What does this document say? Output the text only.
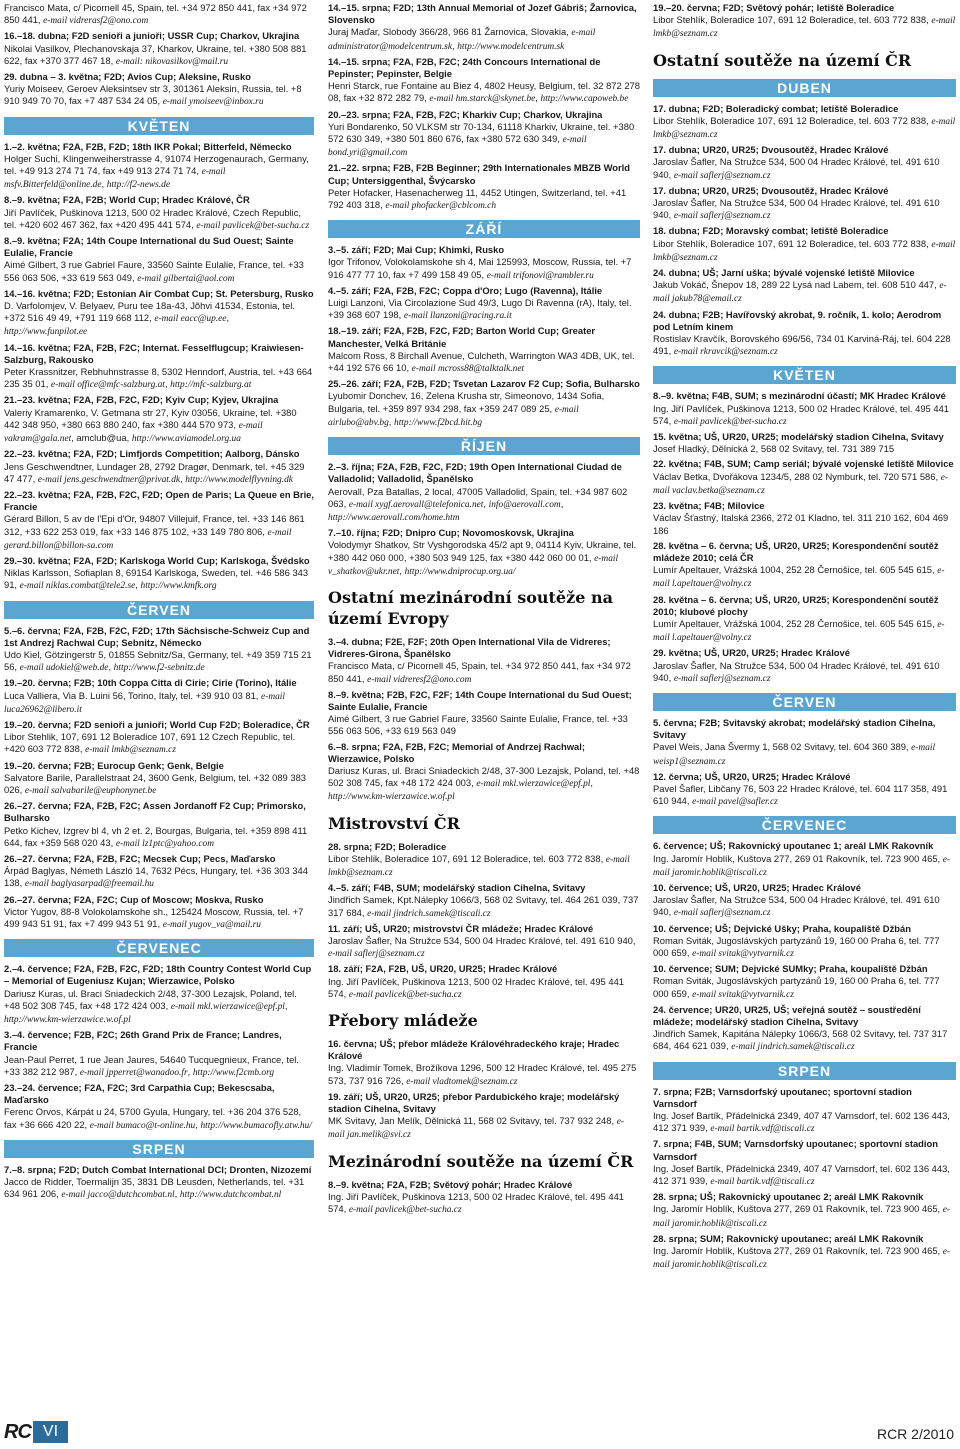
Francisco Mata, c/ Picornell 45, Spain, tel. +34 972 850 441, fax +34 972 850 441, e-mail vidrerasf2@ono.com
16.–18. dubna; F2D senioři a junioři; USSR Cup; Charkov, Ukrajina
Nikolai Vasilkov, Plechanovskaja 37, Kharkov, Ukraine, tel. +380 508 881 622, fax +370 377 467 18, e-mail: nikovasilkov@mail.ru
29. dubna – 3. května; F2D; Avios Cup; Aleksine, Rusko
Yuriy Moiseev, Geroev Aleksintsev str 3, 301361 Aleksin, Russia, tel. +8 910 949 70 70, fax +7 487 534 24 05, e-mail ymoiseev@inbox.ru
KVĚTEN
1.–2. května; F2A, F2B, F2D; 18th IKR Pokal; Bitterfeld, Německo
Holger Suchi, Klingenweiherstrasse 4, 91074 Herzogenaurach, Germany, tel. +49 913 274 71 74, fax +49 913 274 71 74, e-mail msfv.Bitterfeld@online.de, http://f2-news.de
8.–9. května; F2A, F2B; World Cup; Hradec Králové, ČR
Jiří Pavlíček, Puškinova 1213, 500 02 Hradec Králové, Czech Republic, tel. +420 602 467 362, fax +420 495 441 574, e-mail pavlicek@bet-sucha.cz
8.–9. května; F2A; 14th Coupe International du Sud Ouest; Sainte Eulalie, Francie
Aimé Gilbert, 3 rue Gabriel Faure, 33560 Sainte Eulalie, France, tel. +33 556 063 506, +33 619 563 049, e-mail gilbertai@aol.com
14.–16. května; F2D; Estonian Air Combat Cup; St. Petersburg, Rusko
D. Varfolomjev, V. Belyaev, Puru tee 18a-43, Jõhvi 41534, Estonia, tel. +372 516 49 49, +791 119 668 112, e-mail eacc@up.ee, http://www.funpilot.ee
14.–16. května; F2A, F2B, F2C; Internat. Fesselflugcup; Kraiwiesen-Salzburg, Rakousko
Peter Krassnitzer, Rebhuhnstrasse 8, 5302 Henndorf, Austria, tel. +43 664 235 35 01, e-mail office@mfc-salzburg.at, http://mfc-salzburg.at
21.–23. května; F2A, F2B, F2C, F2D; Kyiv Cup; Kyjev, Ukrajina
Valeriy Kramarenko, V. Getmana str 27, Kyiv 03056, Ukraine, tel. +380 442 348 950, +380 663 880 240, fax +380 444 570 973, e-mail vakram@gala.net, amclub@ua, http://www.aviamodel.org.ua
22.–23. května; F2A, F2D; Limfjords Competition; Aalborg, Dánsko
Jens Geschwendtner, Lundager 28, 2792 Dragør, Denmark, tel. +45 329 47 477, e-mail jens.geschwendtner@privat.dk, http://www.modelflyvning.dk
22.–23. května; F2A, F2B, F2C, F2D; Open de Paris; La Queue en Brie, Francie
Gérard Billon, 5 av de l'Epi d'Or, 94807 Villejuif, France, tel. +33 146 861 312, +33 622 253 019, fax +33 146 875 102, +33 149 780 806, e-mail gerard.billon@billon-sa.com
29.–30. května; F2A, F2D; Karlskoga World Cup; Karlskoga, Švédsko
Niklas Karlsson, Sofiaplan 8, 69154 Karlskoga, Sweden, tel. +46 586 343 91, e-mail niklas.combat@tele2.se, http://www.kmfk.org
ČERVEN
5.–6. června; F2A, F2B, F2C, F2D; 17th Sächsische-Schweiz Cup and 1st Andrezj Rachwal Cup; Sebnitz, Německo
Udo Kiel, Götzingerstr 5, 01855 Sebnitz/Sa, Germany, tel. +49 359 715 21 56, e-mail udokiel@web.de, http://www.f2-sebnitz.de
19.–20. června; F2B; 10th Coppa Citta di Cirie; Cirie (Torino), Itálie
Luca Valliera, Via B. Luini 56, Torino, Italy, tel. +39 910 03 81, e-mail luca26962@libero.it
19.–20. června; F2D senioři a junioři; World Cup F2D; Boleradice, ČR
Libor Stehlik, 107, 691 12 Boleradice 107, 691 12 Czech Republic, tel. +420 603 772 838, e-mail lmkb@seznam.cz
19.–20. června; F2B; Eurocup Genk; Genk, Belgie
Salvatore Barile, Parallelstraat 24, 3600 Genk, Belgium, tel. +32 089 383 026, e-mail salvabarile@euphonynet.be
26.–27. června; F2A, F2B, F2C; Assen Jordanoff F2 Cup; Primorsko, Bulharsko
Petko Kichev, Izgrev bl 4, vh 2 et. 2, Bourgas, Bulgaria, tel. +359 898 411 644, fax +359 568 020 43, e-mail lz1ptc@yahoo.com
26.–27. června; F2A, F2B, F2C; Mecsek Cup; Pecs, Maďarsko
Árpád Baglyas, Németh László 14, 7632 Pécs, Hungary, tel. +36 303 344 138, e-mail baglyasarpad@freemail.hu
26.–27. června; F2A, F2C; Cup of Moscow; Moskva, Rusko
Victor Yugov, 88-8 Volokolamskohe sh., 125424 Moscow, Russia, tel. +7 499 943 51 91, fax +7 499 943 51 91, e-mail yugov_va@mail.ru
ČERVENEC
2.–4. července; F2A, F2B, F2C, F2D; 18th Country Contest World Cup – Memorial of Eugeniusz Kujan; Wierzawice, Polsko
Dariusz Kuras, ul. Braci Sniadeckich 2/48, 37-300 Lezajsk, Poland, tel. +48 502 308 745, fax +48 172 424 003, e-mail mkl.wierzawice@epf.pl, http://www.km-wierzawice.w.of.pl
3.–4. července; F2B, F2C; 26th Grand Prix de France; Landres, Francie
Jean-Paul Perret, 1 rue Jean Jaures, 54640 Tucquegnieux, France, tel. +33 382 212 987, e-mail jpperret@wanadoo.fr, http://www.f2cmb.org
23.–24. července; F2A, F2C; 3rd Carpathia Cup; Bekescsaba, Maďarsko
Ferenc Orvos, Kárpát u 24, 5700 Gyula, Hungary, tel. +36 204 376 528, fax +36 666 420 22, e-mail bumaco@t-online.hu, http://www.bumacofly.atw.hu/
SRPEN
7.–8. srpna; F2D; Dutch Combat International DCI; Dronten, Nizozemí
Jacco de Ridder, Toermalijn 35, 3831 DB Leusden, Netherlands, tel. +31 634 961 206, e-mail jacco@dutchcombat.nl, http://www.dutchcombat.nl
14.–15. srpna; F2D; 13th Annual Memorial of Jozef Gábriš; Žarnovica, Slovensko
Juraj Maďar, Slobody 366/28, 966 81 Žarnovica, Slovakia, e-mail administrator@modelcentrum.sk, http://www.modelcentrum.sk
14.–15. srpna; F2A, F2B, F2C; 24th Concours International de Pepinster; Pepinster, Belgie
Henri Starck, rue Fontaine au Biez 4, 4802 Heusy, Belgium, tel. 32 872 278 08, fax +32 872 282 79, e-mail hm.starck@skynet.be, http://www.capoweb.be
20.–23. srpna; F2A, F2B, F2C; Kharkiv Cup; Charkov, Ukrajina
Yuri Bondarenko, 50 VLKSM str 70-134, 61118 Kharkiv, Ukraine, tel. +380 572 630 349, +380 501 860 676, fax +380 572 630 349, e-mail bond.yri@gmail.com
21.–22. srpna; F2B, F2B Beginner; 29th Internationales MBZB World Cup; Untersiggenthal, Švýcarsko
Peter Hofacker, Hasenacherweg 11, 4452 Utingen, Switzerland, tel. +41 792 403 318, e-mail phofacker@cblcom.ch
ZÁŘÍ
3.–5. září; F2D; Mai Cup; Khimki, Rusko
Igor Trifonov, Volokolamskohe sh 4, Mai 125993, Moscow, Russia, tel. +7 916 477 77 10, fax +7 499 158 49 05, e-mail trifonovi@rambler.ru
4.–5. září; F2A, F2B, F2C; Coppa d'Oro; Lugo (Ravenna), Itálie
Luigi Lanzoni, Via Circolazione Sud 49/3, Lugo Di Ravenna (rA), Italy, tel. +39 368 607 198, e-mail llanzoni@racing.ra.it
18.–19. září; F2A, F2B, F2C, F2D; Barton World Cup; Greater Manchester, Velká Británie
Malcom Ross, 8 Birchall Avenue, Culcheth, Warrington WA3 4DB, UK, tel. +44 192 576 66 10, e-mail mcross88@talktalk.net
25.–26. září; F2A, F2B, F2D; Tsvetan Lazarov F2 Cup; Sofia, Bulharsko
Lyubomir Donchev, 16, Zelena Krusha str, Simeonovo, 1434 Sofia, Bulgaria, tel. +359 897 934 298, fax +359 247 089 25, e-mail airlubo@abv.bg, http://www.f2bcd.hit.bg
ŘÍJEN
2.–3. října; F2A, F2B, F2C, F2D; 19th Open International Ciudad de Valladolid; Valladolid, Španělsko
Aerovall, Pza Batallas, 2 local, 47005 Valladolid, Spain, tel. +34 987 602 063, e-mail xygf.aerovall@telefonica.net, info@aerovall.com, http://www.aerovall.com/home.htm
7.–10. října; F2D; Dnipro Cup; Novomoskovsk, Ukrajina
Volodymyr Shatkov, Str Vyshgorodska 45/2 apt 9, 04114 Kyiv, Ukraine, tel. +380 442 060 000, +380 503 949 125, fax +380 442 060 00 01, e-mail v_shatkov@ukr.net, http://www.dniprocup.org.ua/
Ostatní mezinárodní soutěže na území Evropy
3.–4. dubna; F2E, F2F; 20th Open International Vila de Vidreres; Vidreres-Girona, Španělsko
Francisco Mata, c/ Picornell 45, Spain, tel. +34 972 850 441, fax +34 972 850 441, e-mail vidreresf2@ono.com
8.–9. května; F2B, F2C, F2F; 14th Coupe International du Sud Ouest; Sainte Eulalie, Francie
Aimé Gilbert, 3 rue Gabriel Faure, 33560 Sainte Eulalie, France, tel. +33 556 063 506, +33 619 563 049
6.–8. srpna; F2A, F2B, F2C; Memorial of Andrzej Rachwal; Wierzawice, Polsko
Dariusz Kuras, ul. Braci Sniadeckich 2/48, 37-300 Lezajsk, Poland, tel. +48 502 308 745, fax +48 172 424 003, e-mail mkl.wierzawice@epf.pl, http://www.km-wierzawice.w.of.pl
Mistrovství ČR
28. srpna; F2D; Boleradice
Libor Stehlik, Boleradice 107, 691 12 Boleradice, tel. 603 772 838, e-mail lmkb@seznam.cz
4.–5. září; F4B, SUM; modelářský stadion Cihelna, Svitavy
Jindřich Samek, Kpt.Nálepky 1066/3, 568 02 Svitavy, tel. 464 261 039, 737 317 684, e-mail jindrich.samek@tiscali.cz
11. září; UŠ, UR20; mistrovství ČR mládeže; Hradec Králové
Jaroslav Šafler, Na Stružce 534, 500 04 Hradec Králové, tel. 491 610 940, e-mail saflerj@seznam.cz
18. září; F2A, F2B, UŠ, UR20, UR25; Hradec Králové
Ing. Jiří Pavlíček, Puškinova 1213, 500 02 Hradec Králové, tel. 495 441 574, e-mail pavlicek@bet-sucha.cz
Přebory mládeže
16. června; UŠ; přebor mládeže Královéhradeckého kraje; Hradec Králové
Ing. Vladimír Tomek, Brožíkova 1296, 500 12 Hradec Králové, tel. 495 275 573, 737 916 726, e-mail vladtomek@seznam.cz
19. září; UŠ, UR20, UR25; přebor Pardubického kraje; modelářský stadion Cihelna, Svitavy
MK Svitavy, Jan Melík, Dělnická 11, 568 02 Svitavy, tel. 737 932 248, e-mail jan.melik@svi.cz
Mezinárodní soutěže na území ČR
8.–9. května; F2A, F2B; Světový pohár; Hradec Králové
Ing. Jiří Pavlíček, Puškinova 1213, 500 02 Hradec Králové, tel. 495 441 574, e-mail pavlicek@bet-sucha.cz
19.–20. června; F2D; Světový pohár; letiště Boleradice
Libor Stehlík, Boleradice 107, 691 12 Boleradice, tel. 603 772 838, e-mail lmkb@seznam.cz
Ostatní soutěže na území ČR
DUBEN
17. dubna; F2D; Boleradický combat; letiště Boleradice
Libor Stehlík, Boleradice 107, 691 12 Boleradice, tel. 603 772 838, e-mail lmkb@seznam.cz
17. dubna; UR20, UR25; Dvousoutěž, Hradec Králové
Jaroslav Šafler, Na Stružce 534, 500 04 Hradec Králové, tel. 491 610 940, e-mail saflerj@seznam.cz
17. dubna; UR20, UR25; Dvousoutěž, Hradec Králové
Jaroslav Šafler, Na Stružce 534, 500 04 Hradec Králové, tel. 491 610 940, e-mail saflerj@seznam.cz
18. dubna; F2D; Moravský combat; letiště Boleradice
Libor Stehlík, Boleradice 107, 691 12 Boleradice, tel. 603 772 838, e-mail lmkb@seznam.cz
24. dubna; UŠ; Jarní uška; bývalé vojenské letiště Milovice
Jakub Vokáč, Šnepov 18, 289 22 Lysá nad Labem, tel. 608 510 447, e-mail jakub78@email.cz
24. dubna; F2B; Havířovský akrobat, 9. ročník, 1. kolo; Aerodrom pod Letním kinem
Rostislav Kravčík, Borovského 696/56, 734 01 Karviná-Ráj, tel. 604 228 491, e-mail rkravcik@seznam.cz
KVĚTEN
8.–9. května; F4B, SUM; s mezinárodní účastí; MK Hradec Králové
Ing. Jiří Pavlíček, Puškinova 1213, 500 02 Hradec Králové, tel. 495 441 574, e-mail pavlicek@bet-sucha.cz
15. května; UŠ, UR20, UR25; modelářský stadion Cihelna, Svitavy
Josef Hladký, Dělnická 2, 568 02 Svitavy, tel. 731 389 715
22. května; F4B, SUM; Camp seriál; bývalé vojenské letiště Milovice
Václav Betka, Dvořákova 1234/5, 288 02 Nymburk, tel. 720 571 586, e-mail vaclav.betka@seznam.cz
23. května; F4B; Milovice
Václav Šťastný, Italská 2366, 272 01 Kladno, tel. 311 210 162, 604 469 186
28. května – 6. června; UŠ, UR20, UR25; Korespondenční soutěž mládeže 2010; celá ČR
Lumír Apeltauer, Vrážská 1004, 252 28 Černošice, tel. 605 545 615, e-mail l.apeltauer@volny.cz
28. května – 6. června; UŠ, UR20, UR25; Korespondenční soutěž 2010; klubové plochy
Lumír Apeltauer, Vrážská 1004, 252 28 Černošice, tel. 605 545 615, e-mail l.apeltauer@volny.cz
29. května; UŠ, UR20, UR25; Hradec Králové
Jaroslav Šafler, Na Stružce 534, 500 04 Hradec Králové, tel. 491 610 940, e-mail saflerj@seznam.cz
ČERVEN
5. června; F2B; Svitavský akrobat; modelářský stadion Cihelna, Svitavy
Pavel Weis, Jana Švermy 1, 568 02 Svitavy, tel. 604 360 389, e-mail weisp1@seznam.cz
12. června; UŠ, UR20, UR25; Hradec Králové
Pavel Šafler, Libčany 76, 503 22 Hradec Králové, tel. 604 117 358, 491 610 944, e-mail pavel@safler.cz
ČERVENEC
6. července; UŠ; Rakovnický upoutanec 1; areál LMK Rakovník
Ing. Jaromír Hoblík, Kuštova 277, 269 01 Rakovník, tel. 723 900 465, e-mail jaromir.hoblik@tiscali.cz
10. července; UŠ, UR20, UR25; Hradec Králové
Jaroslav Šafler, Na Stružce 534, 500 04 Hradec Králové, tel. 491 610 940, e-mail saflerj@seznam.cz
10. července; UŠ; Dejvické Ušky; Praha, koupaliště Džbán
Roman Sviták, Jugoslávských partyzánů 19, 160 00 Praha 6, tel. 777 000 659, e-mail svitak@vytvarnik.cz
10. července; SUM; Dejvické SUMky; Praha, koupaliště Džbán
Roman Sviták, Jugoslávských partyzánů 19, 160 00 Praha 6, tel. 777 000 659, e-mail svitak@vytvarnik.cz
24. července; UR20, UR25, UŠ; veřejná soutěž – soustředění mládeže; modelářský stadion Cihelna, Svitavy
Jindřich Samek, Kapitána Nálepky 1066/3, 568 02 Svitavy, tel. 737 317 684, 464 621 039, e-mail jindrich.samek@tiscali.cz
SRPEN
7. srpna; F2B; Varnsdorfský upoutanec; sportovní stadion Varnsdorf
Ing. Josef Bartík, Přádelnická 2349, 407 47 Varnsdorf, tel. 602 136 443, 412 371 939, e-mail bartik.vdf@tiscali.cz
7. srpna; F4B, SUM; Varnsdorfský upoutanec; sportovní stadion Varnsdorf
Ing. Josef Bartík, Přádelnická 2349, 407 47 Varnsdorf, tel. 602 136 443, 412 371 939, e-mail bartik.vdf@tiscali.cz
28. srpna; UŠ; Rakovnický upoutanec 2; areál LMK Rakovník
Ing. Jaromír Hoblík, Kuštova 277, 269 01 Rakovník, tel. 723 900 465, e-mail jaromir.hoblik@tiscali.cz
28. srpna; SUM; Rakovnický upoutanec; areál LMK Rakovník
Ing. Jaromír Hoblík, Kuštova 277, 269 01 Rakovník, tel. 723 900 465, e-mail jaromir.hoblik@tiscali.cz
RC VI	RCR 2/2010
